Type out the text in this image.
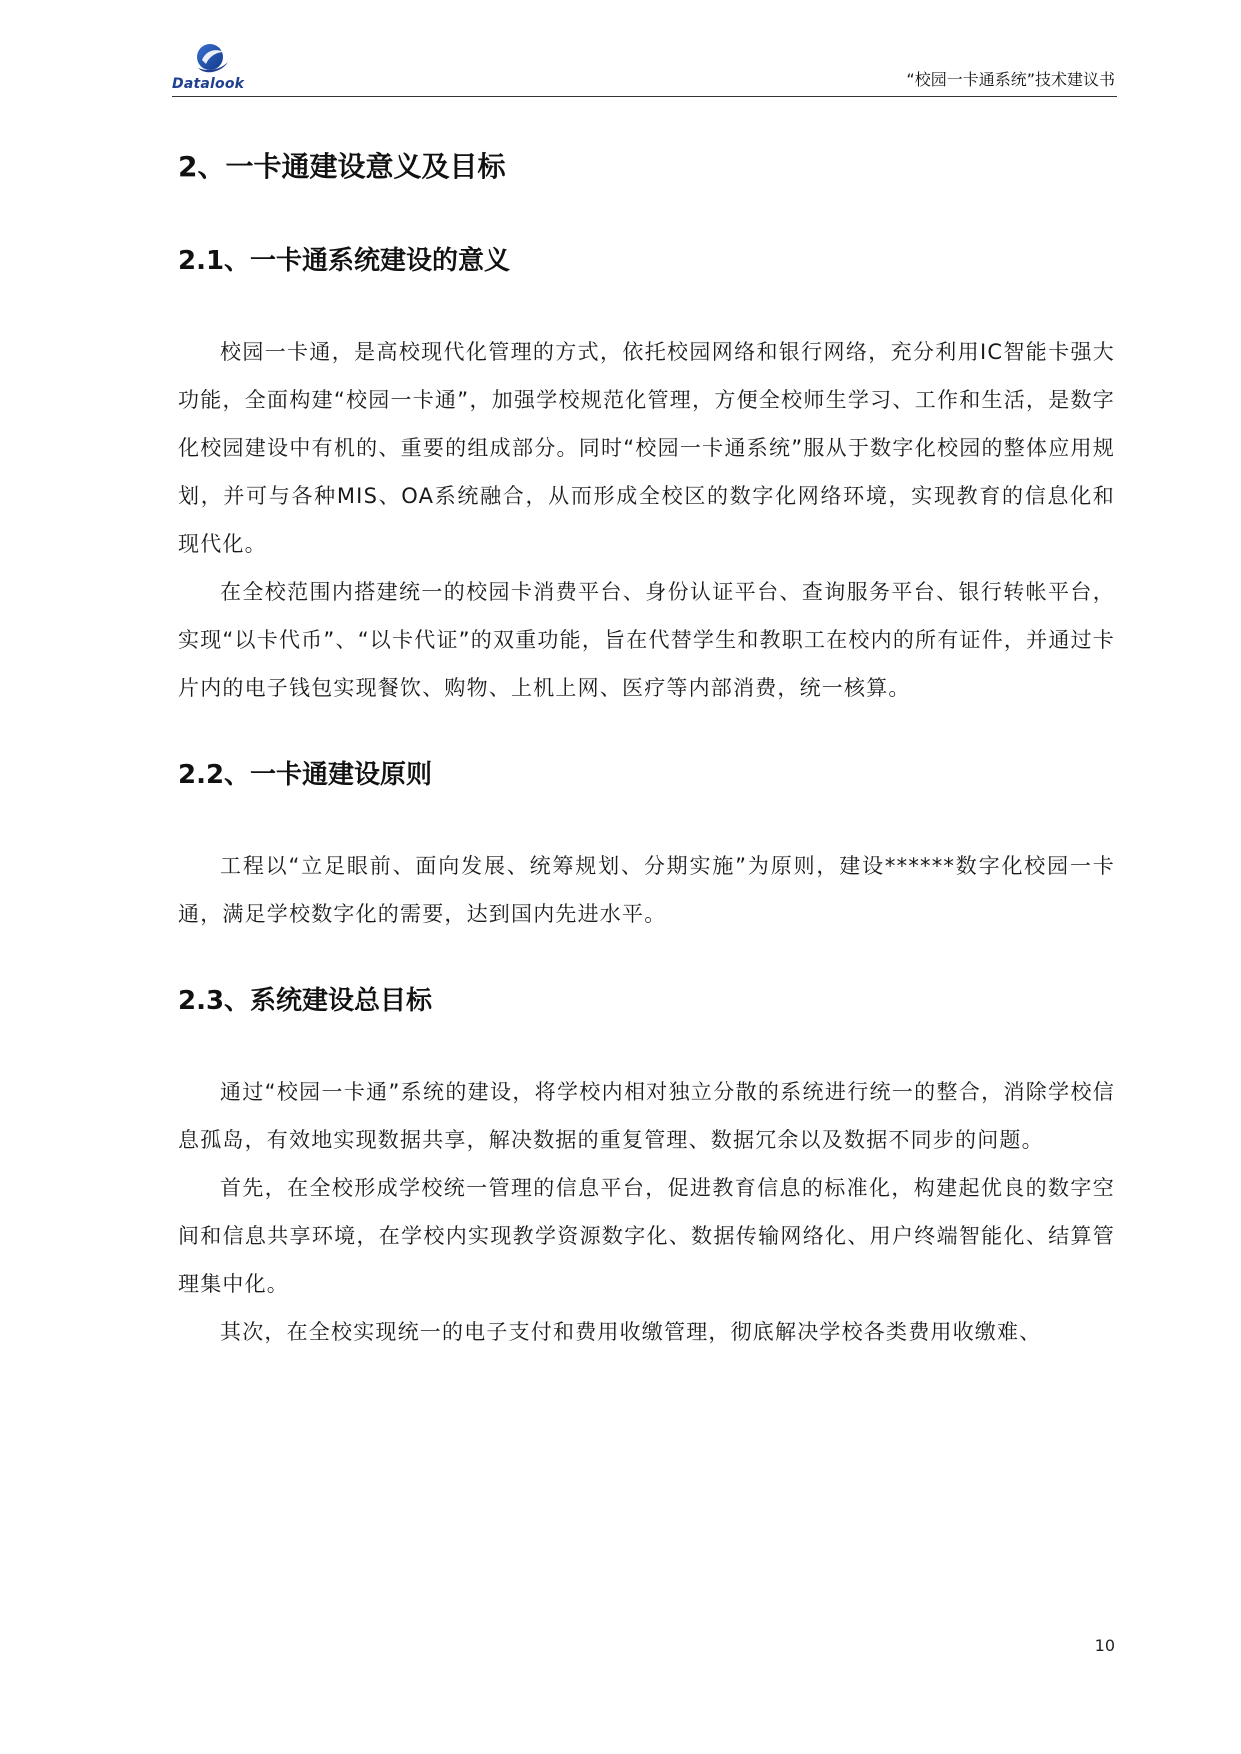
Datalook	“校园一卡通系统”技术建议书
2、一卡通建设意义及目标
2.1、一卡通系统建设的意义

校园一卡通，是高校现代化管理的方式，依托校园网络和银行网络，充分利用IC智能卡强大功能，全面构建“校园一卡通”，加强学校规范化管理，方便全校师生学习、工作和生活，是数字化校园建设中有机的、重要的组成部分。同时“校园一卡通系统”服从于数字化校园的整体应用规划，并可与各种MIS、OA系统融合，从而形成全校区的数字化网络环境，实现教育的信息化和现代化。

在全校范围内搭建统一的校园卡消费平台、身份认证平台、查询服务平台、银行转帐平台，实现“以卡代币”、“以卡代证”的双重功能，旨在代替学生和教职工在校内的所有证件，并通过卡片内的电子钱包实现餐饮、购物、上机上网、医疗等内部消费，统一核算。

2.2、一卡通建设原则

工程以“立足眼前、面向发展、统筹规划、分期实施”为原则，建设******数字化校园一卡通，满足学校数字化的需要，达到国内先进水平。

2.3、系统建设总目标

通过“校园一卡通”系统的建设，将学校内相对独立分散的系统进行统一的整合，消除学校信息孤岛，有效地实现数据共享，解决数据的重复管理、数据冗余以及数据不同步的问题。

首先，在全校形成学校统一管理的信息平台，促进教育信息的标准化，构建起优良的数字空间和信息共享环境，在学校内实现教学资源数字化、数据传输网络化、用户终端智能化、结算管理集中化。

其次，在全校实现统一的电子支付和费用收缴管理，彻底解决学校各类费用收缴难、

10
